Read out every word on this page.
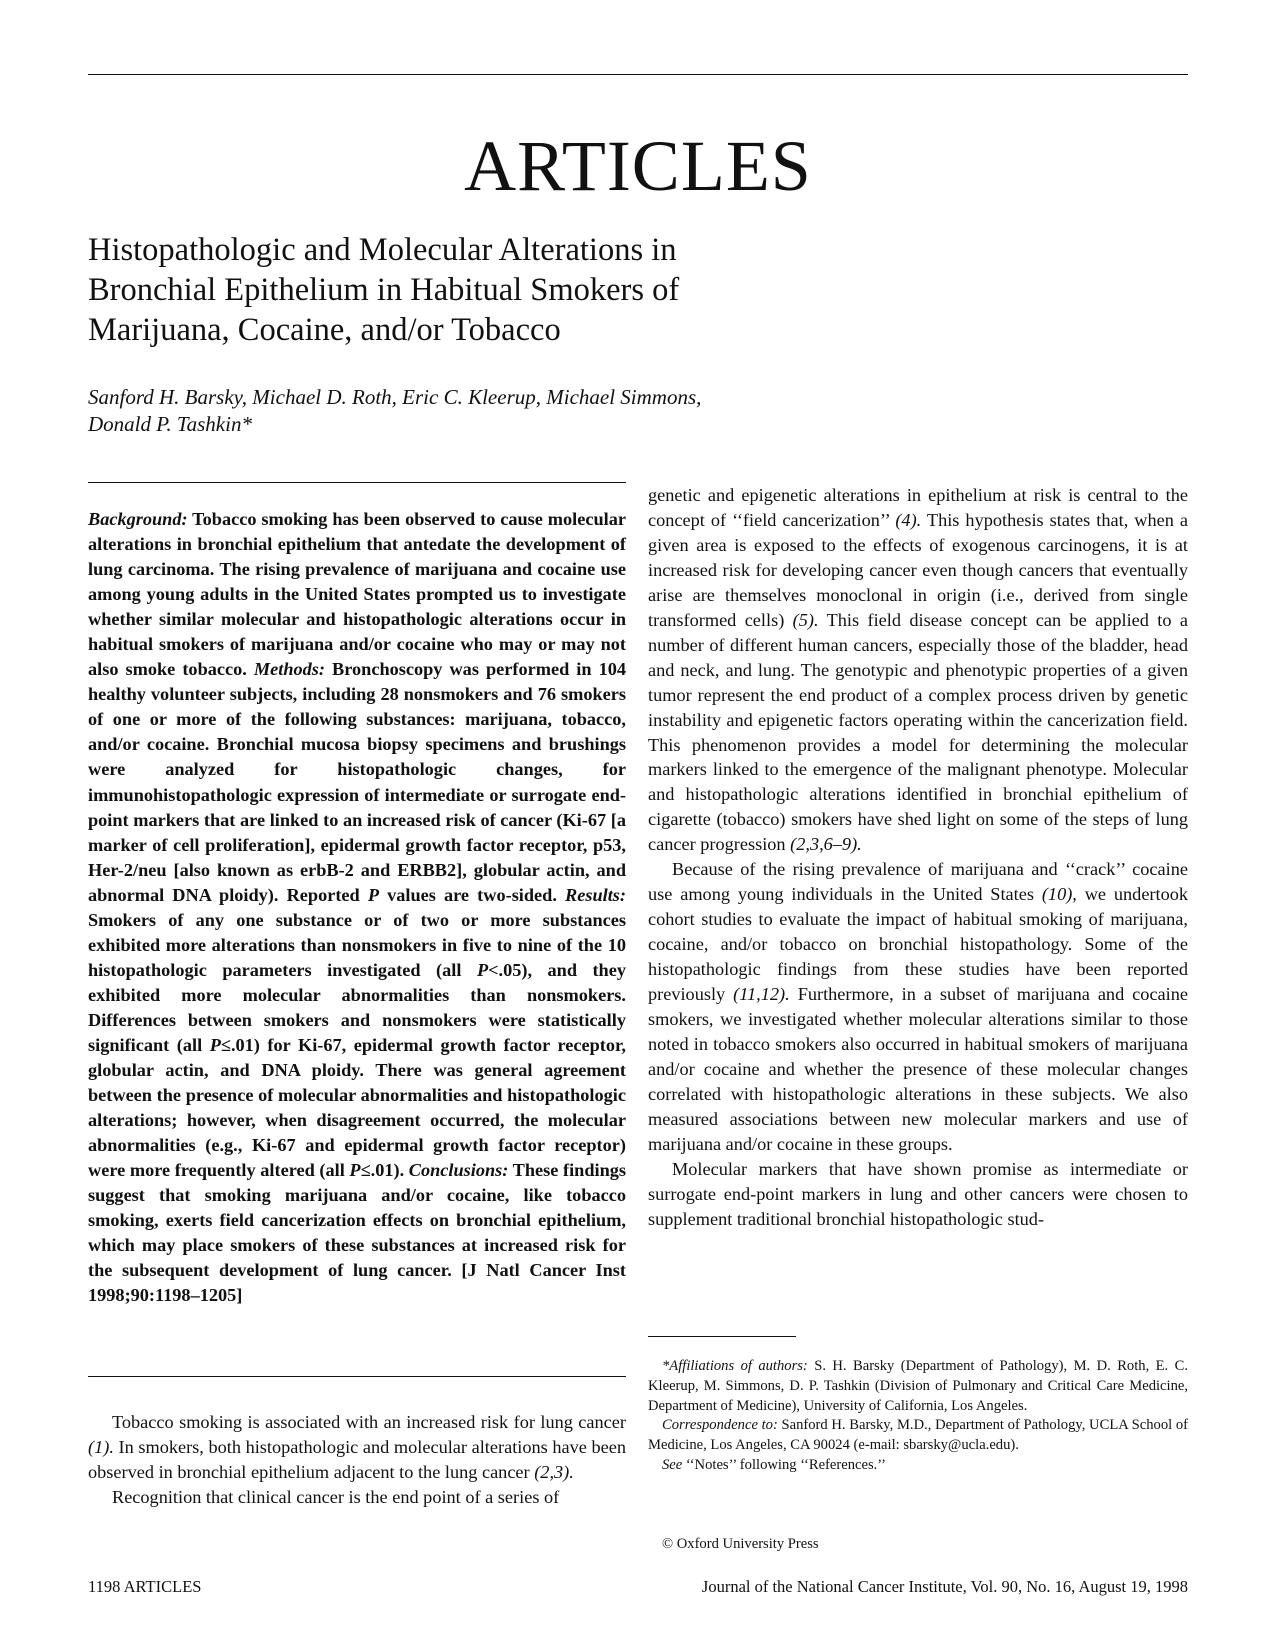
ARTICLES
Histopathologic and Molecular Alterations in
Bronchial Epithelium in Habitual Smokers of
Marijuana, Cocaine, and/or Tobacco
Sanford H. Barsky, Michael D. Roth, Eric C. Kleerup, Michael Simmons,
Donald P. Tashkin*
Background: Tobacco smoking has been observed to cause molecular alterations in bronchial epithelium that antedate the development of lung carcinoma. The rising prevalence of marijuana and cocaine use among young adults in the United States prompted us to investigate whether similar molecular and histopathologic alterations occur in habitual smokers of marijuana and/or cocaine who may or may not also smoke tobacco. Methods: Bronchoscopy was performed in 104 healthy volunteer subjects, including 28 nonsmokers and 76 smokers of one or more of the following substances: marijuana, tobacco, and/or cocaine. Bronchial mucosa biopsy specimens and brushings were analyzed for histopathologic changes, for immunohistopathologic expression of intermediate or surrogate end-point markers that are linked to an increased risk of cancer (Ki-67 [a marker of cell proliferation], epidermal growth factor receptor, p53, Her-2/neu [also known as erbB-2 and ERBB2], globular actin, and abnormal DNA ploidy). Reported P values are two-sided. Results: Smokers of any one substance or of two or more substances exhibited more alterations than nonsmokers in five to nine of the 10 histopathologic parameters investigated (all P<.05), and they exhibited more molecular abnormalities than nonsmokers. Differences between smokers and nonsmokers were statistically significant (all P≤.01) for Ki-67, epidermal growth factor receptor, globular actin, and DNA ploidy. There was general agreement between the presence of molecular abnormalities and histopathologic alterations; however, when disagreement occurred, the molecular abnormalities (e.g., Ki-67 and epidermal growth factor receptor) were more frequently altered (all P≤.01). Conclusions: These findings suggest that smoking marijuana and/or cocaine, like tobacco smoking, exerts field cancerization effects on bronchial epithelium, which may place smokers of these substances at increased risk for the subsequent development of lung cancer. [J Natl Cancer Inst 1998;90:1198–1205]

Tobacco smoking is associated with an increased risk for lung cancer (1). In smokers, both histopathologic and molecular alterations have been observed in bronchial epithelium adjacent to the lung cancer (2,3).

Recognition that clinical cancer is the end point of a series of

genetic and epigenetic alterations in epithelium at risk is central to the concept of ‘‘field cancerization’’ (4). This hypothesis states that, when a given area is exposed to the effects of exogenous carcinogens, it is at increased risk for developing cancer even though cancers that eventually arise are themselves monoclonal in origin (i.e., derived from single transformed cells) (5). This field disease concept can be applied to a number of different human cancers, especially those of the bladder, head and neck, and lung. The genotypic and phenotypic properties of a given tumor represent the end product of a complex process driven by genetic instability and epigenetic factors operating within the cancerization field. This phenomenon provides a model for determining the molecular markers linked to the emergence of the malignant phenotype. Molecular and histopathologic alterations identified in bronchial epithelium of cigarette (tobacco) smokers have shed light on some of the steps of lung cancer progression (2,3,6–9).

Because of the rising prevalence of marijuana and ‘‘crack’’ cocaine use among young individuals in the United States (10), we undertook cohort studies to evaluate the impact of habitual smoking of marijuana, cocaine, and/or tobacco on bronchial histopathology. Some of the histopathologic findings from these studies have been reported previously (11,12). Furthermore, in a subset of marijuana and cocaine smokers, we investigated whether molecular alterations similar to those noted in tobacco smokers also occurred in habitual smokers of marijuana and/or cocaine and whether the presence of these molecular changes correlated with histopathologic alterations in these subjects. We also measured associations between new molecular markers and use of marijuana and/or cocaine in these groups.

Molecular markers that have shown promise as intermediate or surrogate end-point markers in lung and other cancers were chosen to supplement traditional bronchial histopathologic stud-

*Affiliations of authors: S. H. Barsky (Department of Pathology), M. D. Roth, E. C. Kleerup, M. Simmons, D. P. Tashkin (Division of Pulmonary and Critical Care Medicine, Department of Medicine), University of California, Los Angeles.

Correspondence to: Sanford H. Barsky, M.D., Department of Pathology, UCLA School of Medicine, Los Angeles, CA 90024 (e-mail: sbarsky@ucla.edu).

See ‘‘Notes’’ following ‘‘References.’’

© Oxford University Press
1198 ARTICLES	Journal of the National Cancer Institute, Vol. 90, No. 16, August 19, 1998
